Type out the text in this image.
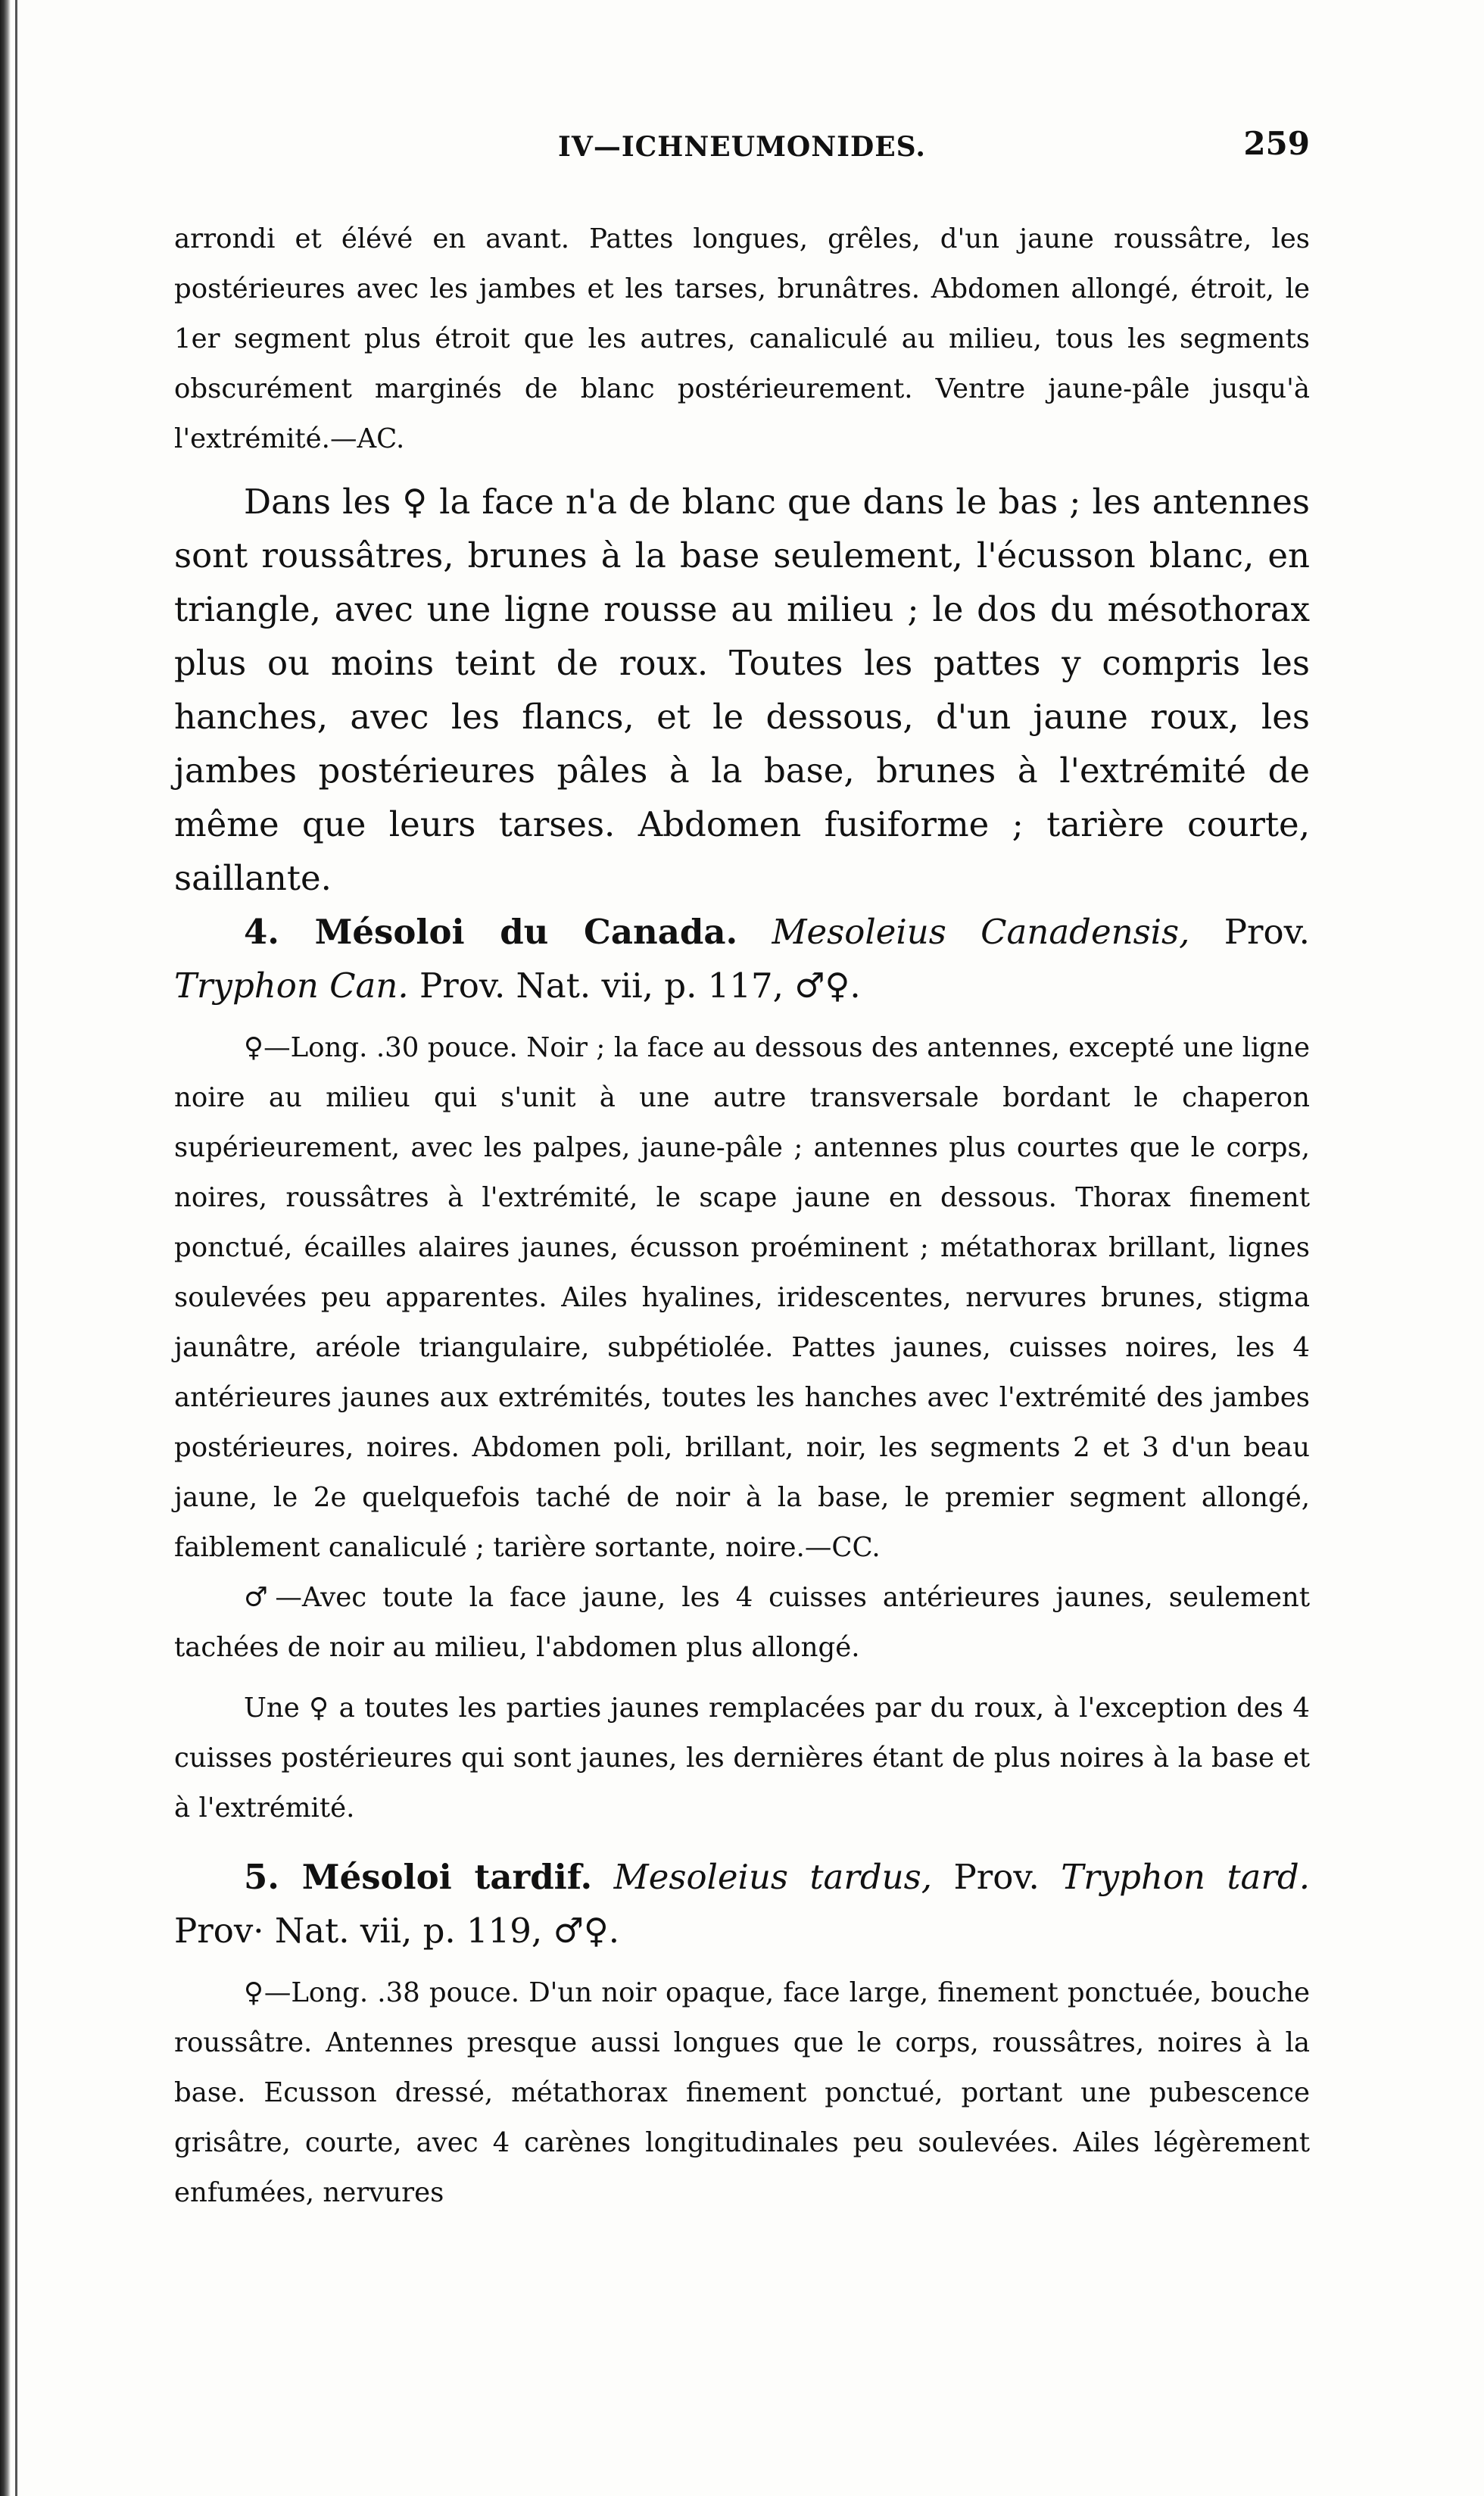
IV—ICHNEUMONIDES.	259

arrondi et élévé en avant. Pattes longues, grêles, d'un jaune roussâtre, les postérieures avec les jambes et les tarses, brunâtres. Abdomen allongé, étroit, le 1er segment plus étroit que les autres, canaliculé au milieu, tous les segments obscurément marginés de blanc postérieurement. Ventre jaune-pâle jusqu'à l'extrémité.—AC.

Dans les ♀ la face n'a de blanc que dans le bas ; les antennes sont roussâtres, brunes à la base seulement, l'écusson blanc, en triangle, avec une ligne rousse au milieu ; le dos du mésothorax plus ou moins teint de roux. Toutes les pattes y compris les hanches, avec les flancs, et le dessous, d'un jaune roux, les jambes postérieures pâles à la base, brunes à l'extrémité de même que leurs tarses. Abdomen fusiforme ; tarière courte, saillante.

4. Mésoloi du Canada. Mesoleius Canadensis, Prov. Tryphon Can. Prov. Nat. vii, p. 117, ♂♀.

♀—Long. .30 pouce. Noir ; la face au dessous des antennes, excepté une ligne noire au milieu qui s'unit à une autre transversale bordant le chaperon supérieurement, avec les palpes, jaune-pâle ; antennes plus courtes que le corps, noires, roussâtres à l'extrémité, le scape jaune en dessous. Thorax finement ponctué, écailles alaires jaunes, écusson proéminent ; métathorax brillant, lignes soulevées peu apparentes. Ailes hyalines, iridescentes, nervures brunes, stigma jaunâtre, aréole triangulaire, subpétiolée. Pattes jaunes, cuisses noires, les 4 antérieures jaunes aux extrémités, toutes les hanches avec l'extrémité des jambes postérieures, noires. Abdomen poli, brillant, noir, les segments 2 et 3 d'un beau jaune, le 2e quelquefois taché de noir à la base, le premier segment allongé, faiblement canaliculé ; tarière sortante, noire.—CC.

♂—Avec toute la face jaune, les 4 cuisses antérieures jaunes, seulement tachées de noir au milieu, l'abdomen plus allongé.

Une ♀ a toutes les parties jaunes remplacées par du roux, à l'exception des 4 cuisses postérieures qui sont jaunes, les dernières étant de plus noires à la base et à l'extrémité.

5. Mésoloi tardif. Mesoleius tardus, Prov. Tryphon tard. Prov· Nat. vii, p. 119, ♂♀.

♀—Long. .38 pouce. D'un noir opaque, face large, finement ponctuée, bouche roussâtre. Antennes presque aussi longues que le corps, roussâtres, noires à la base. Ecusson dressé, métathorax finement ponctué, portant une pubescence grisâtre, courte, avec 4 carènes longitudinales peu soulevées. Ailes légèrement enfumées, nervures
